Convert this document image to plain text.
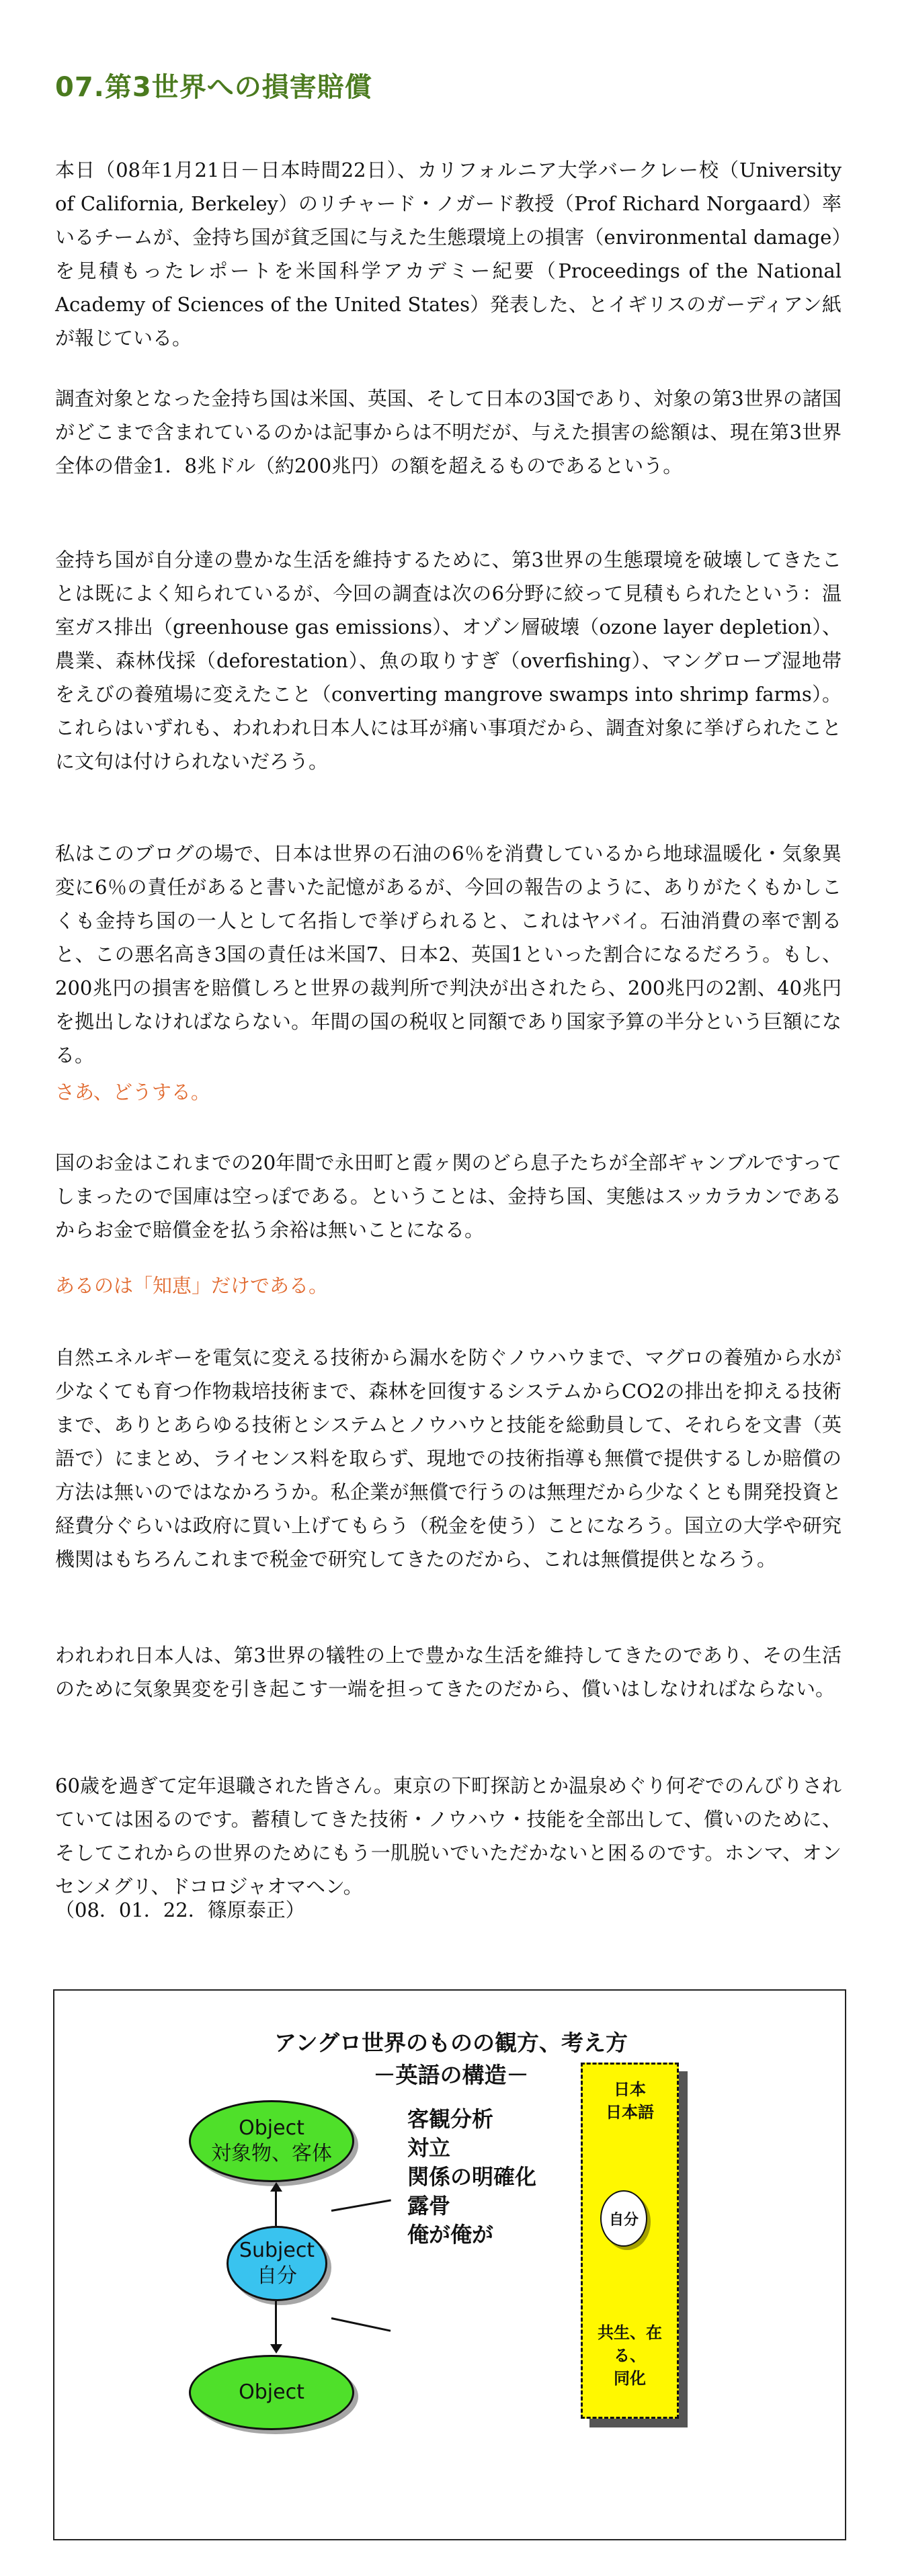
07.第3世界への損害賠償
本日（08年1月21日－日本時間22日）、カリフォルニア大学バークレー校（University of California, Berkeley）のリチャード・ノガード教授（Prof Richard Norgaard）率いるチームが、金持ち国が貧乏国に与えた生態環境上の損害（environmental damage）を見積もったレポートを米国科学アカデミー紀要（Proceedings of the National Academy of Sciences of the United States）発表した、とイギリスのガーディアン紙が報じている。
調査対象となった金持ち国は米国、英国、そして日本の3国であり、対象の第3世界の諸国がどこまで含まれているのかは記事からは不明だが、与えた損害の総額は、現在第3世界全体の借金1．8兆ドル（約200兆円）の額を超えるものであるという。
金持ち国が自分達の豊かな生活を維持するために、第3世界の生態環境を破壊してきたことは既によく知られているが、今回の調査は次の6分野に絞って見積もられたという：温室ガス排出（greenhouse gas emissions）、オゾン層破壊（ozone layer depletion）、農業、森林伐採（deforestation）、魚の取りすぎ（overfishing）、マングローブ湿地帯をえびの養殖場に変えたこと（converting mangrove swamps into shrimp farms）。これらはいずれも、われわれ日本人には耳が痛い事項だから、調査対象に挙げられたことに文句は付けられないだろう。
私はこのブログの場で、日本は世界の石油の6％を消費しているから地球温暖化・気象異変に6％の責任があると書いた記憶があるが、今回の報告のように、ありがたくもかしこくも金持ち国の一人として名指しで挙げられると、これはヤバイ。石油消費の率で割ると、この悪名高き3国の責任は米国7、日本2、英国1といった割合になるだろう。もし、200兆円の損害を賠償しろと世界の裁判所で判決が出されたら、200兆円の2割、40兆円を拠出しなければならない。年間の国の税収と同額であり国家予算の半分という巨額になる。
さあ、どうする。
国のお金はこれまでの20年間で永田町と霞ヶ関のどら息子たちが全部ギャンブルですってしまったので国庫は空っぽである。ということは、金持ち国、実態はスッカラカンであるからお金で賠償金を払う余裕は無いことになる。
あるのは「知恵」だけである。
自然エネルギーを電気に変える技術から漏水を防ぐノウハウまで、マグロの養殖から水が少なくても育つ作物栽培技術まで、森林を回復するシステムからCO2の排出を抑える技術まで、ありとあらゆる技術とシステムとノウハウと技能を総動員して、それらを文書（英語で）にまとめ、ライセンス料を取らず、現地での技術指導も無償で提供するしか賠償の方法は無いのではなかろうか。私企業が無償で行うのは無理だから少なくとも開発投資と経費分ぐらいは政府に買い上げてもらう（税金を使う）ことになろう。国立の大学や研究機関はもちろんこれまで税金で研究してきたのだから、これは無償提供となろう。
われわれ日本人は、第3世界の犠牲の上で豊かな生活を維持してきたのであり、その生活のために気象異変を引き起こす一端を担ってきたのだから、償いはしなければならない。
60歳を過ぎて定年退職された皆さん。東京の下町探訪とか温泉めぐり何ぞでのんびりされていては困るのです。蓄積してきた技術・ノウハウ・技能を全部出して、償いのために、そしてこれからの世界のためにもう一肌脱いでいただかないと困るのです。ホンマ、オンセンメグリ、ドコロジャオマヘン。
（08．01．22．篠原泰正）
アングロ世界のものの観方、考え方
－英語の構造－
Object
対象物、客体
Subject
自分
Object
客観分析
対立
関係の明確化
露骨
俺が俺が
日本
日本語
自分
共生、在る、
同化
